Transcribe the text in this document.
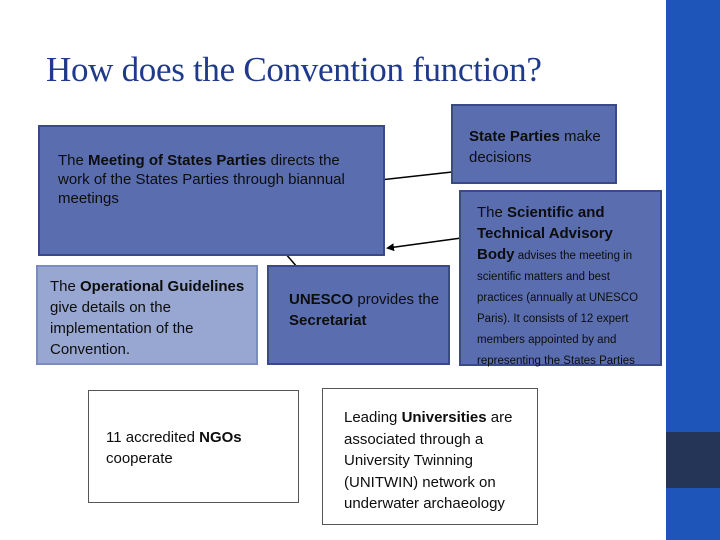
How does the Convention function?
The Meeting of States Parties directs the work of the States Parties through biannual meetings
State Parties make decisions
The Scientific and Technical Advisory Body advises the meeting in scientific matters and best practices (annually at UNESCO Paris). It consists of 12 expert members appointed by and representing the States Parties
The Operational Guidelines give details on the implementation of the Convention.
UNESCO provides the Secretariat
11 accredited NGOs cooperate
Leading Universities are associated through a University Twinning (UNITWIN) network on underwater archaeology
